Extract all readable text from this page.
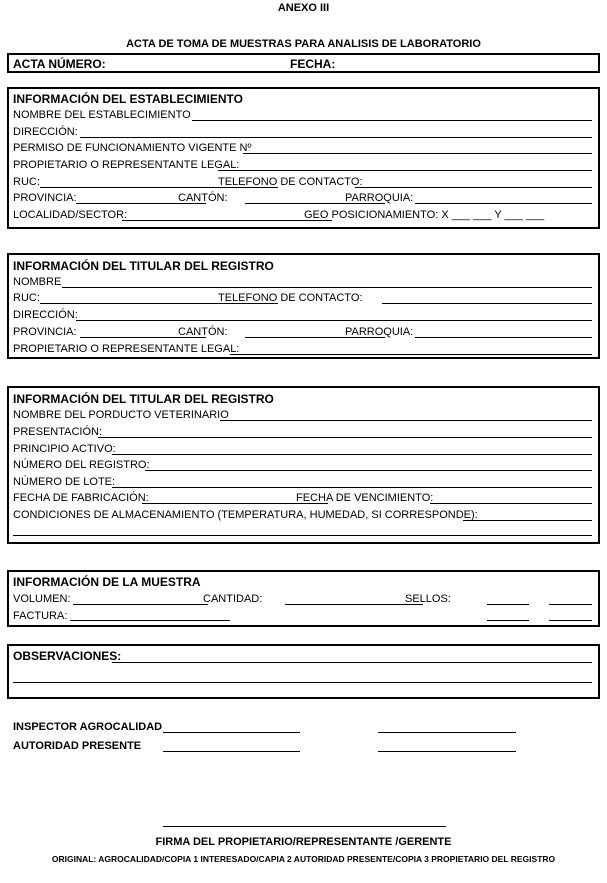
ANEXO III
ACTA DE TOMA DE MUESTRAS PARA ANALISIS DE LABORATORIO
ACTA NÚMERO:	FECHA:
INFORMACIÓN DEL ESTABLECIMIENTO
NOMBRE DEL ESTABLECIMIENTO
DIRECCIÓN:
PERMISO DE FUNCIONAMIENTO VIGENTE Nº
PROPIETARIO O REPRESENTANTE LEGAL:
RUC:	TELEFONO DE CONTACTO:
PROVINCIA:	CANTÓN:	PARROQUIA:
LOCALIDAD/SECTOR:	GEO POSICIONAMIENTO: X ___ ___ Y ___ ___
INFORMACIÓN DEL TITULAR DEL REGISTRO
NOMBRE
RUC:	TELEFONO DE CONTACTO:
DIRECCIÓN:
PROVINCIA:	CANTÓN:	PARROQUIA:
PROPIETARIO O REPRESENTANTE LEGAL:
INFORMACIÓN DEL TITULAR DEL REGISTRO
NOMBRE DEL PORDUCTO VETERINARIO
PRESENTACIÓN:
PRINCIPIO ACTIVO:
NÚMERO DEL REGISTRO:
NÚMERO DE LOTE:
FECHA DE FABRICACIÓN:	FECHA DE VENCIMIENTO:
CONDICIONES DE ALMACENAMIENTO (TEMPERATURA, HUMEDAD, SI CORRESPONDE):
INFORMACIÓN DE LA MUESTRA
VOLUMEN:	CANTIDAD:	SELLOS:
FACTURA:
OBSERVACIONES:
INSPECTOR AGROCALIDAD
AUTORIDAD PRESENTE
FIRMA DEL PROPIETARIO/REPRESENTANTE /GERENTE
ORIGINAL: AGROCALIDAD/COPIA 1 INTERESADO/CAPIA 2 AUTORIDAD PRESENTE/COPIA 3 PROPIETARIO DEL REGISTRO
